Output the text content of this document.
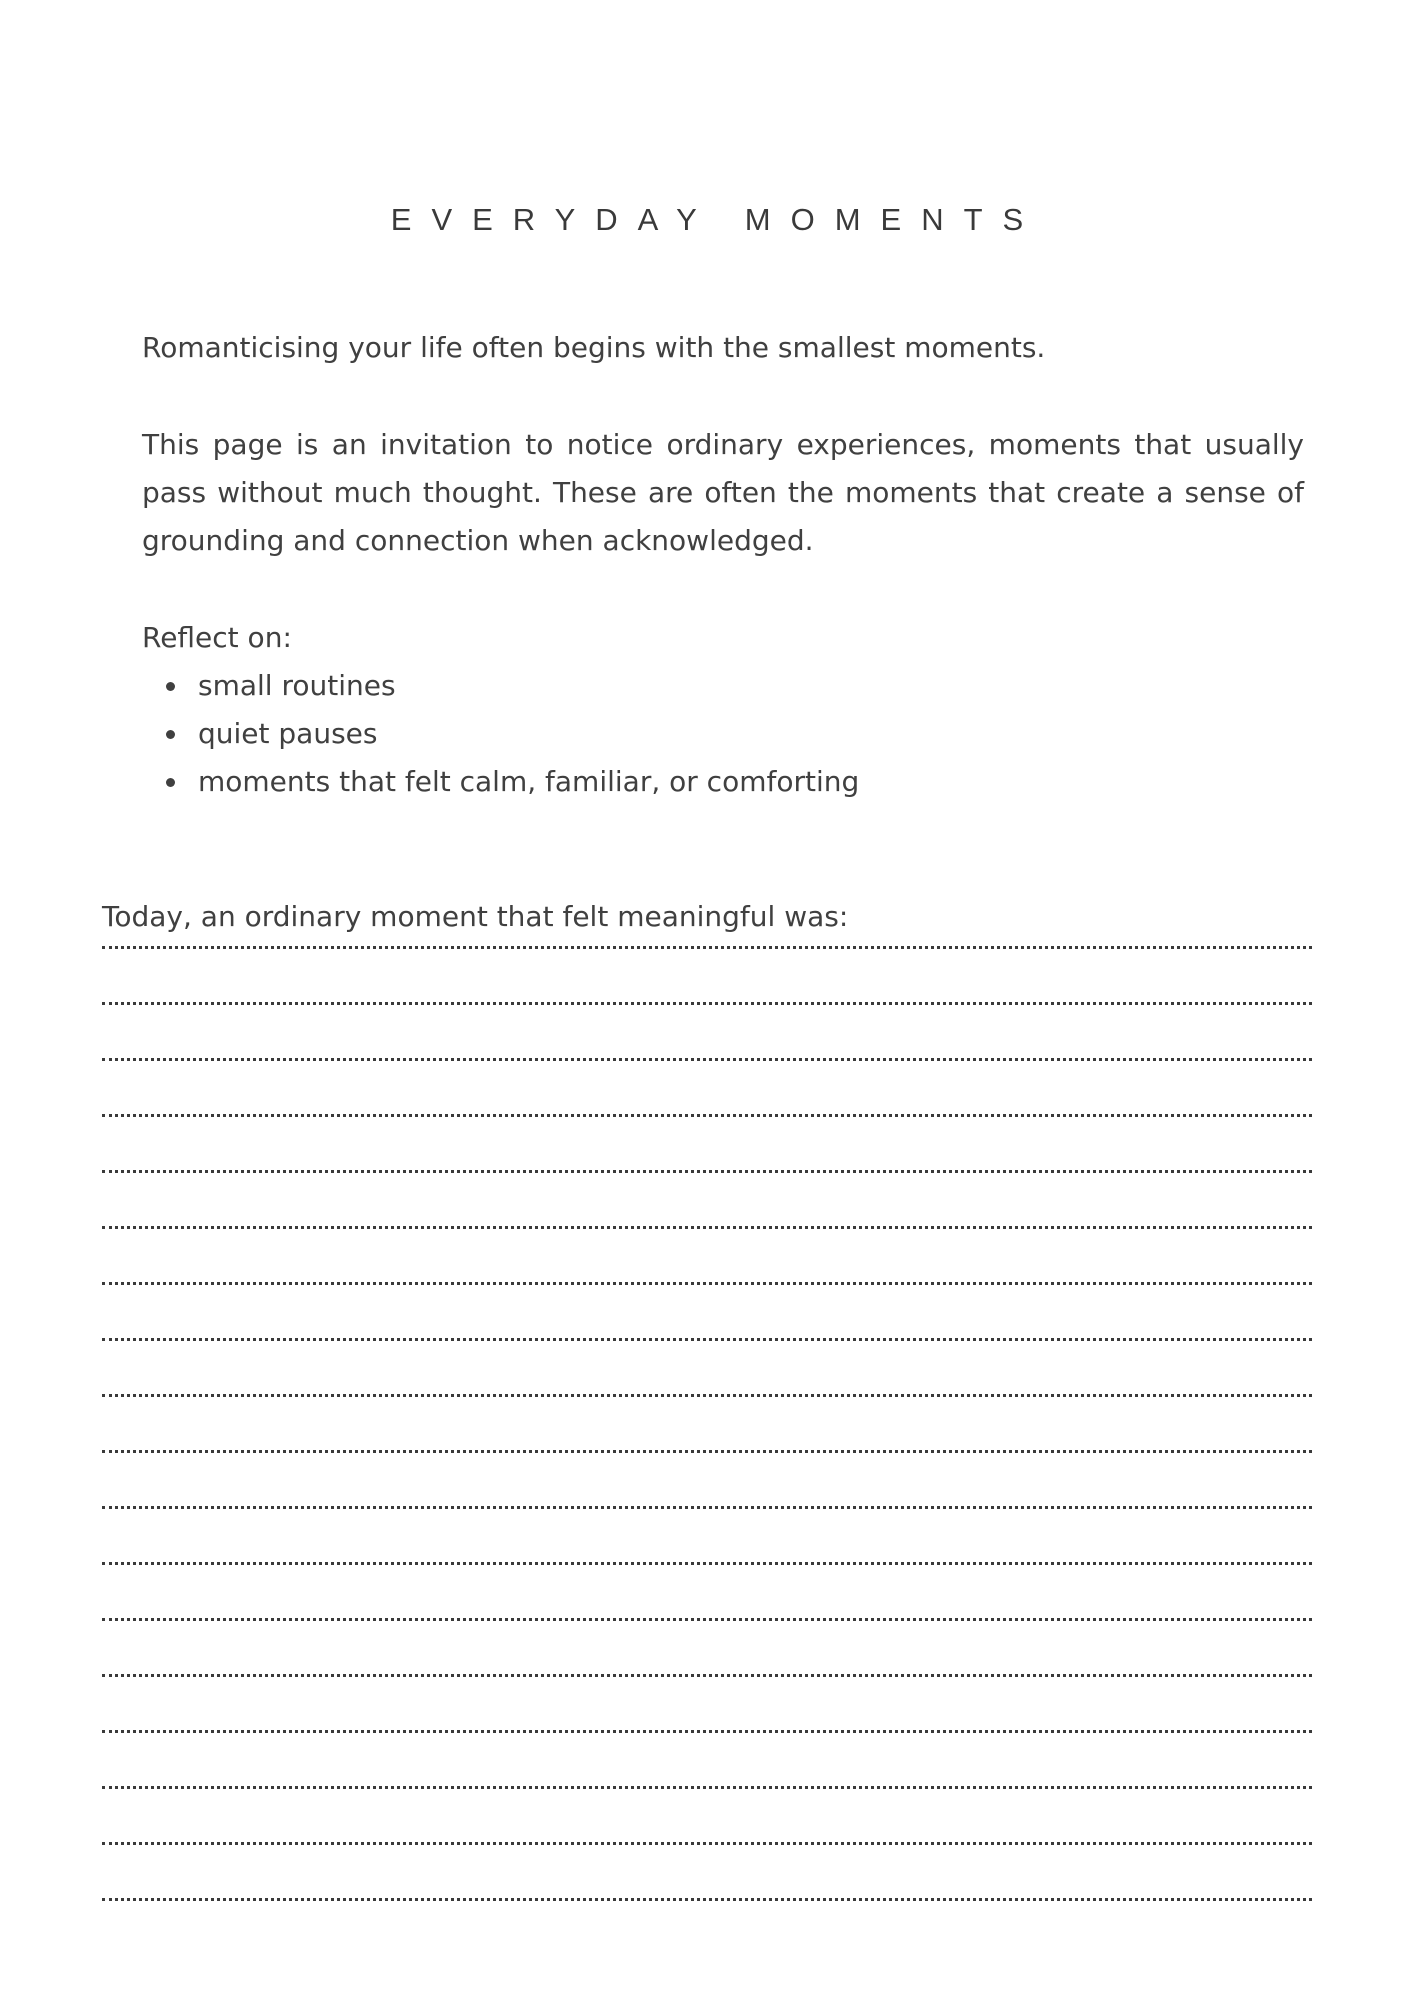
EVERYDAY MOMENTS

Romanticising your life often begins with the smallest moments.

This page is an invitation to notice ordinary experiences, moments that usually pass without much thought. These are often the moments that create a sense of grounding and connection when acknowledged.

Reflect on:

small routines
quiet pauses
moments that felt calm, familiar, or comforting

Today, an ordinary moment that felt meaningful was:
